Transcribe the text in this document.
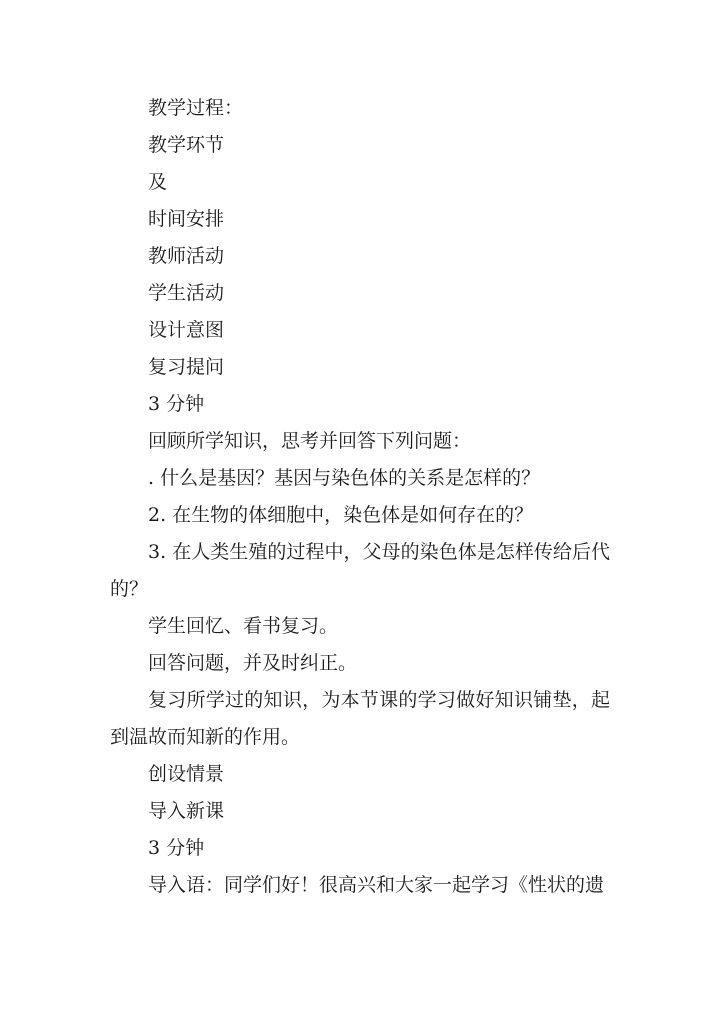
教学过程：

教学环节

及

时间安排

教师活动

学生活动

设计意图

复习提问

3 分钟

回顾所学知识，思考并回答下列问题：

. 什么是基因？基因与染色体的关系是怎样的？

2. 在生物的体细胞中，染色体是如何存在的？

3. 在人类生殖的过程中，父母的染色体是怎样传给后代的？

学生回忆、看书复习。

回答问题，并及时纠正。

复习所学过的知识，为本节课的学习做好知识铺垫，起到温故而知新的作用。

创设情景

导入新课

3 分钟

导入语：同学们好！很高兴和大家一起学习《性状的遗
